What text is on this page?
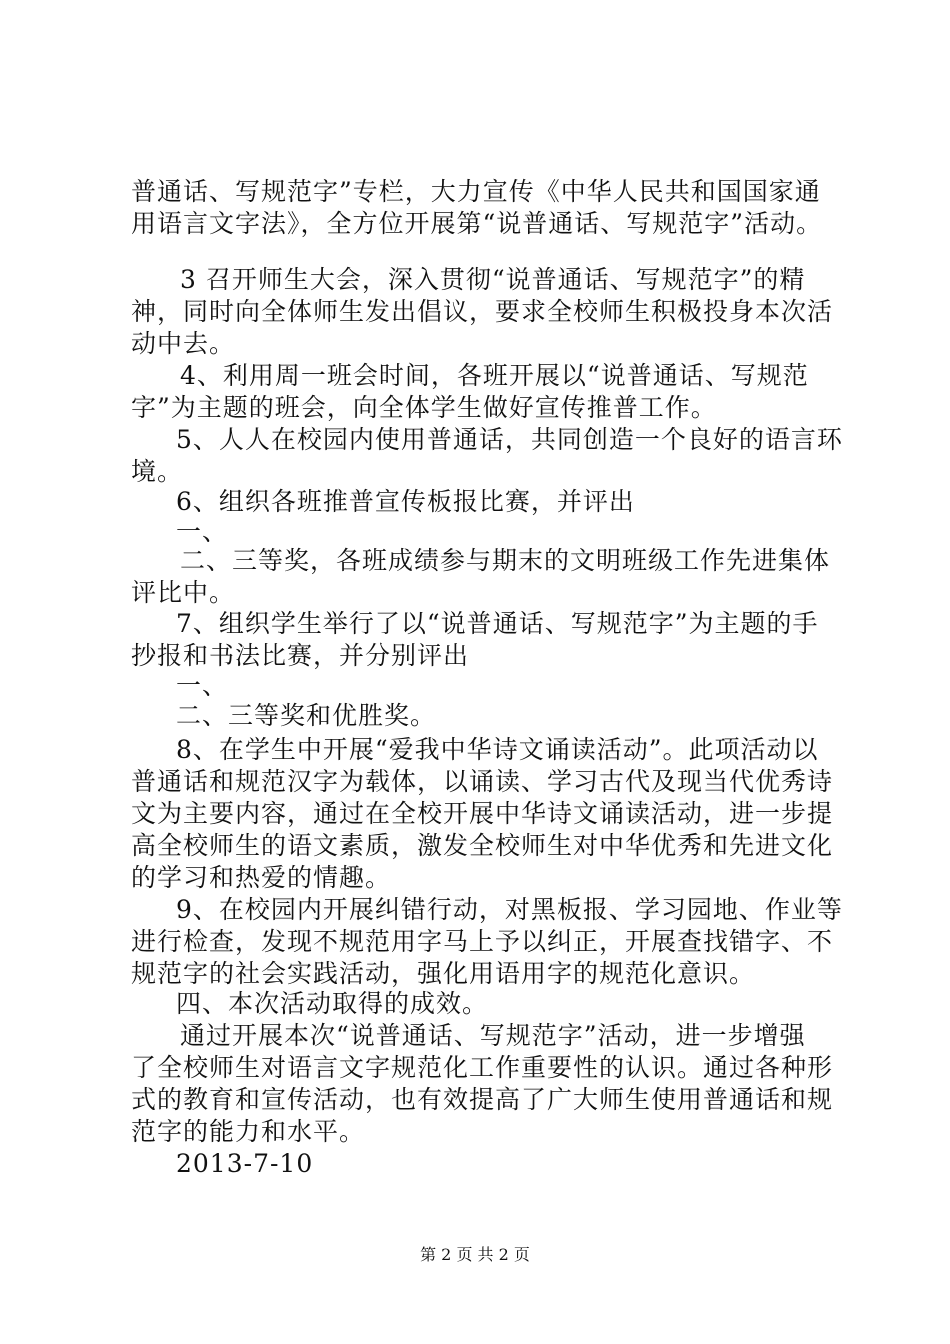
普通话、写规范字”专栏，大力宣传《中华人民共和国国家通
用语言文字法》，全方位开展第“说普通话、写规范字”活动。
3 召开师生大会，深入贯彻“说普通话、写规范字”的精
神，同时向全体师生发出倡议，要求全校师生积极投身本次活
动中去。
4、利用周一班会时间，各班开展以“说普通话、写规范
字”为主题的班会，向全体学生做好宣传推普工作。
5、人人在校园内使用普通话，共同创造一个良好的语言环
境。
6、组织各班推普宣传板报比赛，并评出
一、
二、三等奖，各班成绩参与期末的文明班级工作先进集体
评比中。
7、组织学生举行了以“说普通话、写规范字”为主题的手
抄报和书法比赛，并分别评出
一、
二、三等奖和优胜奖。
8、在学生中开展“爱我中华诗文诵读活动”。此项活动以
普通话和规范汉字为载体，以诵读、学习古代及现当代优秀诗
文为主要内容，通过在全校开展中华诗文诵读活动，进一步提
高全校师生的语文素质，激发全校师生对中华优秀和先进文化
的学习和热爱的情趣。
9、在校园内开展纠错行动，对黑板报、学习园地、作业等
进行检查，发现不规范用字马上予以纠正，开展查找错字、不
规范字的社会实践活动，强化用语用字的规范化意识。
四、本次活动取得的成效。
通过开展本次“说普通话、写规范字”活动，进一步增强
了全校师生对语言文字规范化工作重要性的认识。通过各种形
式的教育和宣传活动，也有效提高了广大师生使用普通话和规
范字的能力和水平。
2013-7-10
第 2 页 共 2 页
